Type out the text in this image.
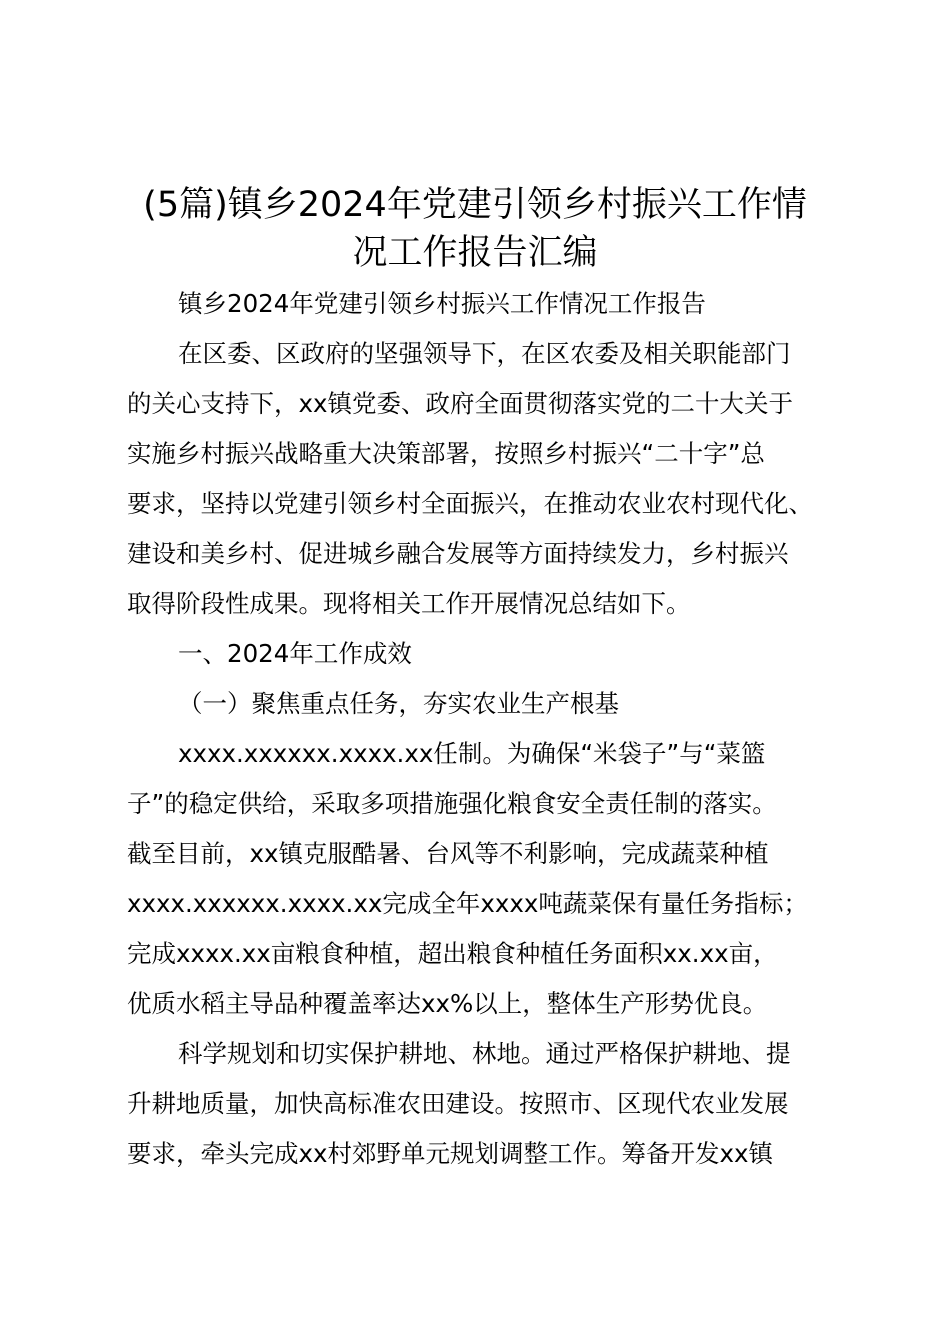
(5篇)镇乡2024年党建引领乡村振兴工作情
况工作报告汇编
镇乡2024年党建引领乡村振兴工作情况工作报告
在区委、区政府的坚强领导下，在区农委及相关职能部门
的关心支持下，xx镇党委、政府全面贯彻落实党的二十大关于
实施乡村振兴战略重大决策部署，按照乡村振兴“二十字”总
要求，坚持以党建引领乡村全面振兴，在推动农业农村现代化、
建设和美乡村、促进城乡融合发展等方面持续发力，乡村振兴
取得阶段性成果。现将相关工作开展情况总结如下。
一、2024年工作成效
（一）聚焦重点任务，夯实农业生产根基
xxxx.xxxxxx.xxxx.xx任制。为确保“米袋子”与“菜篮
子”的稳定供给，采取多项措施强化粮食安全责任制的落实。
截至目前，xx镇克服酷暑、台风等不利影响，完成蔬菜种植
xxxx.xxxxxx.xxxx.xx完成全年xxxx吨蔬菜保有量任务指标；
完成xxxx.xx亩粮食种植，超出粮食种植任务面积xx.xx亩，
优质水稻主导品种覆盖率达xx%以上，整体生产形势优良。
科学规划和切实保护耕地、林地。通过严格保护耕地、提
升耕地质量，加快高标准农田建设。按照市、区现代农业发展
要求，牵头完成xx村郊野单元规划调整工作。筹备开发xx镇
